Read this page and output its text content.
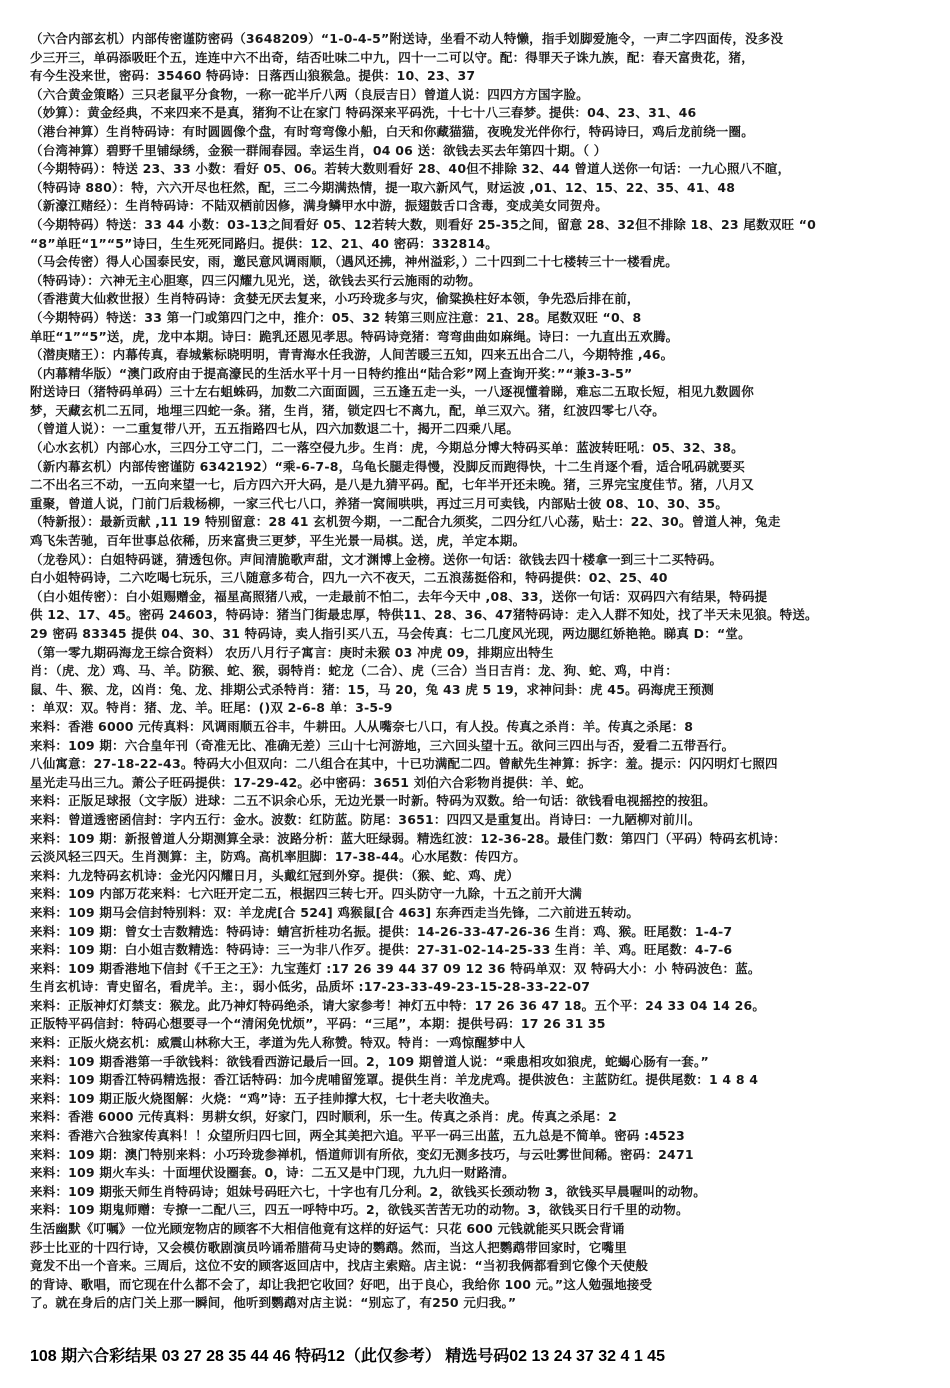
（六合内部玄机）内部传密谨防密码（3648209）“1-0-4-5”附送诗，坐看不动人特懒，指手划脚爱施令，一声二字四面传，没多没
少三开三，单码添吸旺个五，连连中六不出奇，结否吐味二中九，四十一二可以守。配：得罪天子诛九族，配：春天富贵花，猪，
有今生没来世，密码：35460 特码诗：日落西山狼猴急。提供：10、23、37
（六合黄金策略）三只老鼠平分食物，一称一砣半斤八两（良辰吉日）曾道人说：四四方方国字脸。
（妙算）：黄金经典，不来四来不是真，猪狗不让在家门 特码深来平码洗，十七十八三春梦。提供：04、23、31、46
（港台神算）生肖特码诗：有时圆圆像个盘，有时弯弯像小船，白天和你藏猫猫，夜晚发光伴你行，特码诗曰，鸡后龙前绕一圈。
（台湾神算）碧野千里铺绿绣，金猴一群闹春园。幸运生肖，04 06 送：欲钱去买去年第四十期。（ ）
（今期特码）：特送 23、33 小数：看好 05、06。若转大数则看好 28、40但不排除 32、44 曾道人送你一句话：一九心照八不暄，
（特码诗 880）：特，六六开尽也枉然，配，三二今期满热情，提一取六新风气，财运波 ,01、12、15、22、35、41、48
（新濠江赌经）：生肖特码诗：不陆双栖前因修，满身鳞甲水中游，振翅鼓舌口含毒，变成美女同贺舟。
（今期特码）特送：33 44 小数：03-13之间看好 05、12若转大数，则看好 25-35之间，留意 28、32但不排除 18、23 尾数双旺 “0
“8”单旺“1”“5”诗曰，生生死死同路归。提供：12、21、40 密码：332814。
（马会传密）得人心国泰民安，雨，邀民意风调雨顺，（遇风还拂，神州溢彩，）二十四到二十七楼转三十一楼看虎。
（特码诗）：六神无主心胆寒，四三闪耀九见光，送，欲钱去买行云施雨的动物。
（香港黄大仙救世报）生肖特码诗：贪婪无厌去复来，小巧玲珑多与灾，偷粱换柱好本领，争先恐后排在前，
（今期特码）特送：33 第一门或第四门之中，推介：05、32 转第三则应注意：21、28。尾数双旺 “0、8
单旺“1”“5”送，虎，龙中本期。诗曰：跪乳还恩见孝思。特码诗竞猪：弯弯曲曲如麻绳。诗曰：一九直出五欢腾。
（潜庚赌王）：内幕传真，春城紫标晓明明，青青海水任我游，人间苦暖三五知，四来五出合二八，今期特推 ,46。
（内幕精华版）“澳门政府由于提高濠民的生活水平十月一日特约推出“陆合彩”网上查询开奖：”“兼3-3-5”
附送诗曰（猪特码单码）三十左右蛆蛛码，加数二六面面圆，三五逢五走一头，一八逐视懂着睇，难忘二五取长短，相见九数圆你
梦，天藏玄机二五同，地埋三四蛇一条。猪，生肖，猪，锁定四七不离九，配，单三双六。猪，红波四零七八夺。
（曾道人说）：一二重复带八开，五五指路四七从，四六加数退二十，揭开二四乘八尾。
（心水玄机）内部心水，三四分工守二门，二一落空侵九步。生肖：虎，今期总分博大特码买单：蓝波转旺吼：05、32、38。
（新内幕玄机）内部传密谨防 6342192）“乘-6-7-8，乌龟长腿走得慢，没脚反而跑得快，十二生肖逐个看，适合吼码就要买
二不出名三不动，一五向来望一七，后方四六开大码，是八是九猜平码。配，七年半开还未晚。猪，三界完宝度佳节。猪，八月又
重聚，曾道人说，门前门后栽杨柳，一家三代七八口，养猪一窝闹哄哄，再过三月可卖钱，内部贴士彼 08、10、30、35。
（特新报）：最新贡献 ,11 19 特别留意：28 41 玄机贺今期，一二配合九须奖，二四分红八心荡，贴士：22、30。曾道人神，兔走
鸡飞朱苦驰，百年世事总依稀，历来富贵三更梦，平生光景一局棋。送，虎，羊定本期。
（龙卷风）：白姐特码谜，猜透包你。声间清脆歌声甜，文才渊博上金榜。送你一句话：欲钱去四十楼拿一到三十二买特码。
白小姐特码诗，二六吃喝七玩乐，三八随意多苟合，四九一六不夜天，二五浪荡挺俗和，特码提供：02、25、40
（白小姐传密）：白小姐赐赠金，福星高照猪八戒，一走最前不怕二，去年今天中 ,08、33，送你一句话：双码四六有结果，特码提
供 12、17、45。密码 24603，特码诗：猪当门街最忠厚，特供11、28、36、47猪特码诗：走入人群不知处，找了半天未见狼。特送。
29 密码 83345 提供 04、30、31 特码诗，卖人指引买八五，马会传真：七二几度风光现，两边腮红娇艳艳。睇真 D：“堂。
（第一零九期码海龙王综合资料） 农历八月行子寓言：庚时未猴 03 冲虎 09，排期应出特生
肖：（虎、龙）鸡、马、羊。防猴、蛇、猴，弱特肖：蛇龙（二合）、虎（三合）当日吉肖：龙、狗、蛇、鸡，中肖：
鼠、牛、猴、龙，凶肖：兔、龙、排期公式杀特肖：猪：15，马 20，兔 43 虎 5 19，求神问卦：虎 45。码海虎王预测
：单双：双。特肖：猪、龙、羊。旺尾：()双 2-6-8 单：3-5-9
来料：香港 6000 元传真料：风调雨顺五谷丰，牛耕田。人从嘴奈七八口，有人投。传真之杀肖：羊。传真之杀尾：8
来料：109 期：六合皇年刊（奇准无比、准确无差）三山十七河游地，三六回头望十五。欲问三四出与否，爱看二五带吾行。
八仙寓意：27-18-22-43。特码大小但双向：二八组合在其中，十已功满配二四。曾献先生神算：拆字：羞。提示：闪闪明灯七照四
星光走马出三九。萧公子旺码提供：17-29-42。必中密码：3651 刘伯六合彩物肖提供：羊、蛇。
来料：正版足球报（文字版）进球：二五不识余心乐，无边光景一时新。特码为双数。给一句话：欲钱看电视摇控的按狙。
来料：曾道透密函信封：字内五行：金水。波数：红防蓝。防尾：3651：四四又是重复出。肖诗曰：一九陋柳对前川。
来料：109 期：新报曾道人分期测算全录：波路分析：蓝大旺绿弱。精选红波：12-36-28。最佳门数：第四门（平码）特码玄机诗：
云淡风轻三四天。生肖测算：主，防鸡。高机率胆脚：17-38-44。心水尾数：传四方。
来料：九龙特码玄机诗：金光闪闪耀日月，头戴红冠到外穿。提供：（猴、蛇、鸡、虎）
来料：109 内部万花来料：七六旺开定二五，根据四三转七开。四头防守一九除，十五之前开大满
来料：109 期马会信封特别料：双：羊龙虎[合 524] 鸡猴鼠[合 463] 东奔西走当先锋，二六前进五转动。
来料：109 期：曾女士吉数精选：特码诗：蜻宫折桂功名振。提供：14-26-33-47-26-36 生肖：鸡、猴。旺尾数：1-4-7
来料：109 期：白小姐吉数精选：特码诗：三一为非八作歹。提供：27-31-02-14-25-33 生肖：羊、鸡。旺尾数：4-7-6
来料：109 期香港地下信封《千王之王》：九宝莲灯 :17 26 39 44 37 09 12 36 特码单双：双 特码大小：小 特码波色：蓝。
生肖玄机诗：青史留名，看虎羊。主：，弱小低劣，品质坏 :17-23-33-49-23-15-28-33-22-07
来料：正版神灯灯禁支：猴龙。此乃神灯特码绝杀，请大家参考！神灯五中特：17 26 36 47 18。五个平：24 33 04 14 26。
正版特平码信封：特码心想要寻一个“清闲免忧烦”，平码：“三尾”，本期：提供号码：17 26 31 35
来料：正版火烧玄机：威震山林称大王，孝道为先人称赞。特双。特肖：一鸡惊醒梦中人
来料：109 期香港第一手欲钱料：欲钱看西游记最后一回。2，109 期曾道人说：“乘患相攻如狼虎，蛇蝎心肠有一套。”
来料：109 期香江特码精选报：香江话特码：加今虎哺留笼罩。提供生肖：羊龙虎鸡。提供波色：主蓝防红。提供尾数：1 4 8 4
来料：109 期正版火烧图解：火烧：“鸡”诗：五子挂帅撑大权，七十老夫收渔夫。
来料：香港 6000 元传真料：男耕女织，好家门，四时顺利，乐一生。传真之杀肖：虎。传真之杀尾：2
来料：香港六合独家传真料！！众望所归四七回，两全其美把六追。平平一码三出蓝，五九总是不简单。密码 :4523
来料：109 期：澳门特别来料：小巧玲珑参禅机，悟道师训有所依，变幻无测多技巧，与云吐雾世间稀。密码：2471
来料：109 期火车头：十面埋伏设圈套。0，诗：二五又是中门现，九九归一财路清。
来料：109 期张天师生肖特码诗；姐妹号码旺六七，十字也有几分利。2，欲钱买长颈动物 3，欲钱买早晨喔叫的动物。
来料：109 期鬼师赠：专撩一二配八三，四五一呼特中巧。2，欲钱买苦苦无功的动物。3，欲钱买日行千里的动物。
生活幽默《叮嘱》一位光顾宠物店的顾客不大相信他竟有这样的好运气：只花 600 元钱就能买只既会背诵
莎士比亚的十四行诗，又会模仿歌剧演员吟诵希腊荷马史诗的鹦鹉。然而，当这人把鹦鹉带回家时，它嘴里
竟发不出一个音来。三周后，这位不安的顾客返回店中，找店主索赔。店主说：“当初我俩都看到它像个天使般
的背诗、歌唱，而它现在什么都不会了，却让我把它收回？好吧，出于良心，我给你 100 元。”这人勉强地接受
了。就在身后的店门关上那一瞬间，他听到鹦鹉对店主说：“别忘了，有250 元归我。”
108 期六合彩结果 03 27 28 35 44 46 特码12（此仅参考） 精选号码02 13 24 37 32 4 1 45
